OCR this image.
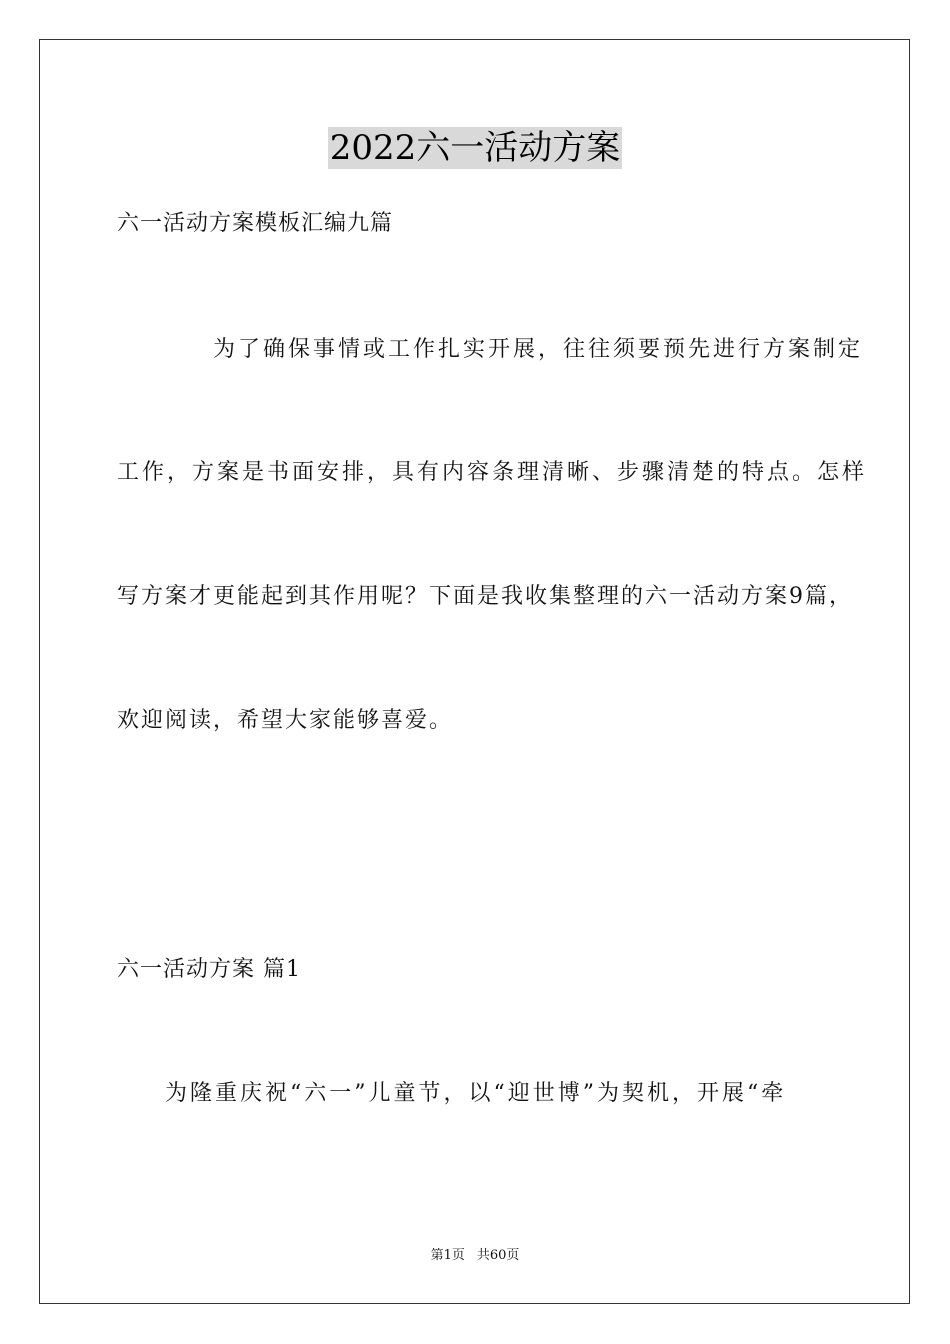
2022六一活动方案
六一活动方案模板汇编九篇
为了确保事情或工作扎实开展，往往须要预先进行方案制定
工作，方案是书面安排，具有内容条理清晰、步骤清楚的特点。怎样
写方案才更能起到其作用呢？下面是我收集整理的六一活动方案9篇，
欢迎阅读，希望大家能够喜爱。
六一活动方案 篇1
为隆重庆祝“六一”儿童节，以“迎世博”为契机，开展“牵
第1页 共60页
